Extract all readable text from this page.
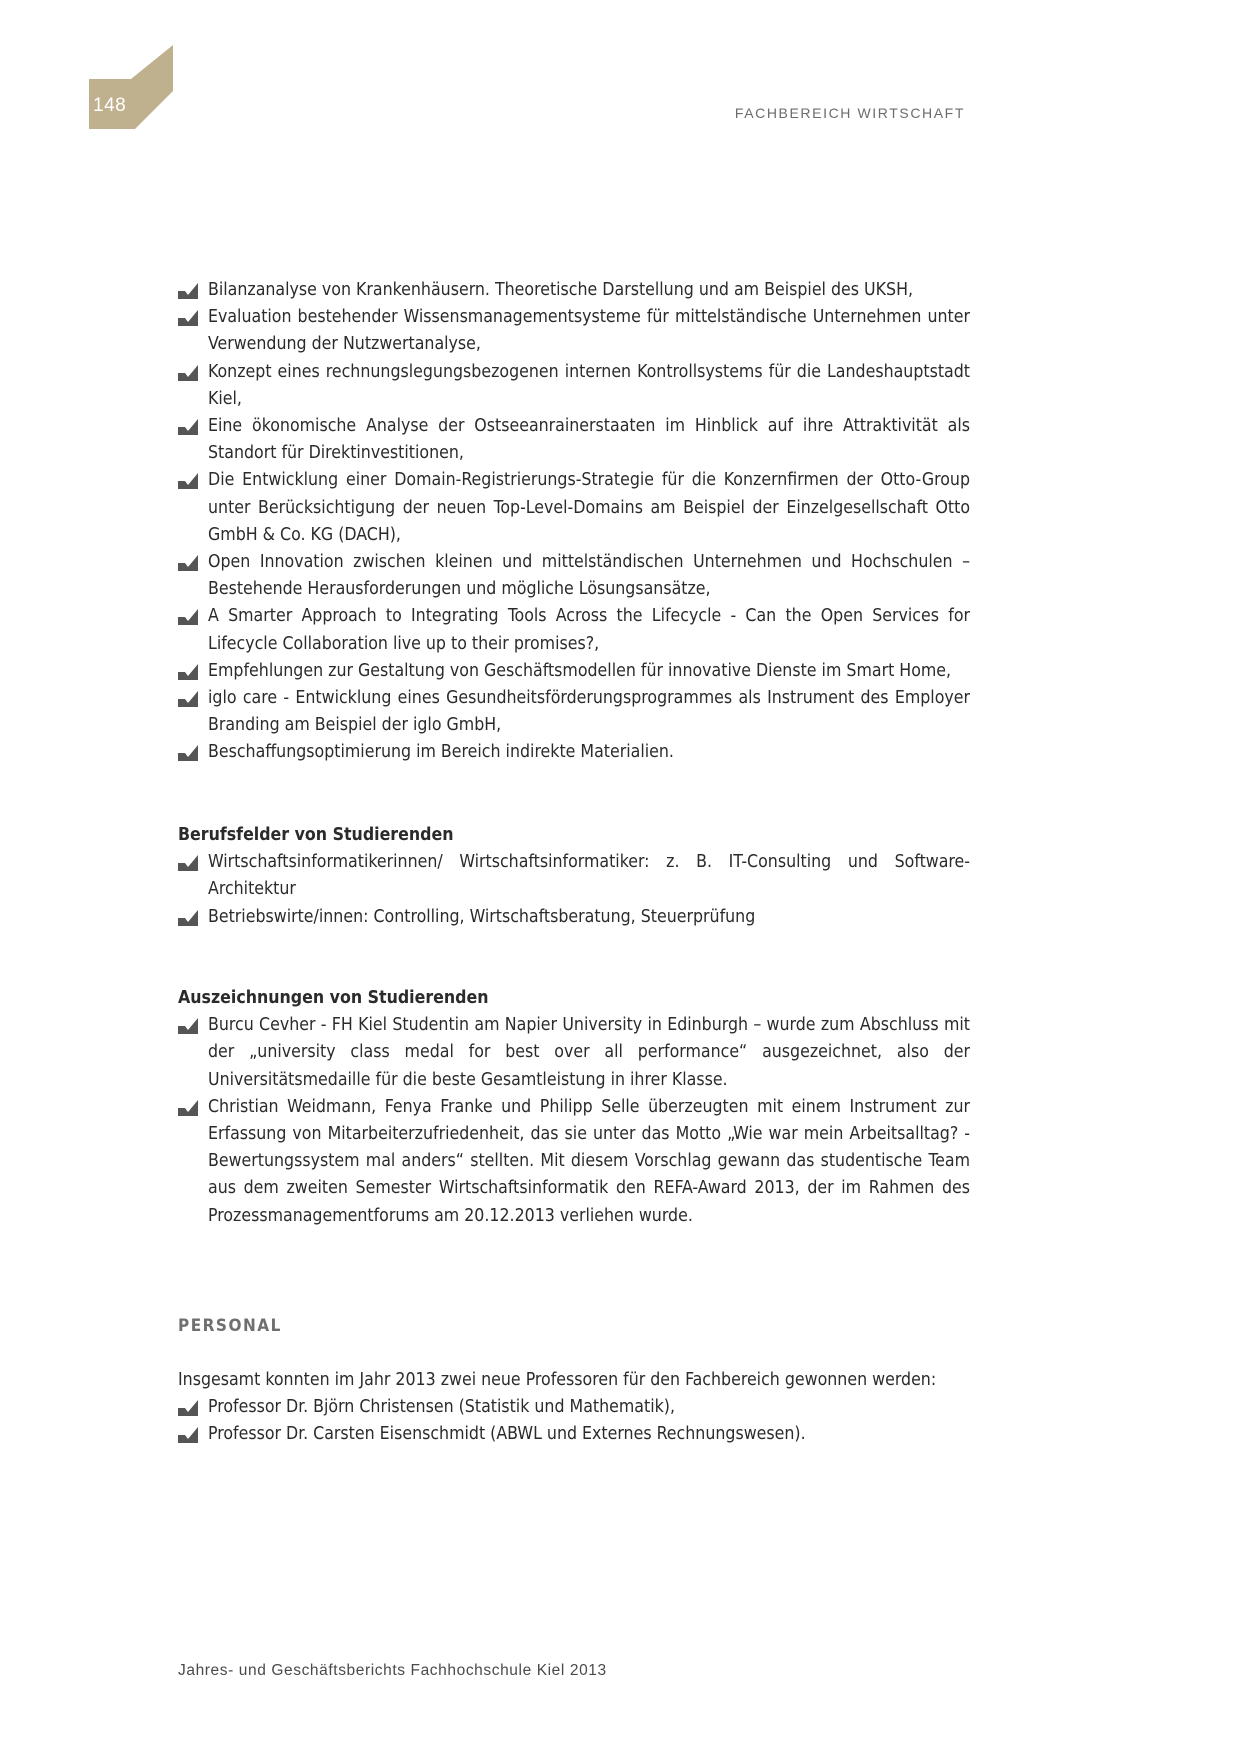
148	FACHBEREICH WIRTSCHAFT
Bilanzanalyse von Krankenhäusern. Theoretische Darstellung und am Beispiel des UKSH,
Evaluation bestehender Wissensmanagementsysteme für mittelständische Unternehmen unter Verwendung der Nutzwertanalyse,
Konzept eines rechnungslegungsbezogenen internen Kontrollsystems für die Landeshauptstadt Kiel,
Eine ökonomische Analyse der Ostseeanrainerstaaten im Hinblick auf ihre Attraktivität als Standort für Direktinvestitionen,
Die Entwicklung einer Domain-Registrierungs-Strategie für die Konzernfirmen der Otto-Group unter Berücksichtigung der neuen Top-Level-Domains am Beispiel der Einzelgesellschaft Otto GmbH & Co. KG (DACH),
Open Innovation zwischen kleinen und mittelständischen Unternehmen und Hochschulen – Bestehende Herausforderungen und mögliche Lösungsansätze,
A Smarter Approach to Integrating Tools Across the Lifecycle - Can the Open Services for Lifecycle Collaboration live up to their promises?,
Empfehlungen zur Gestaltung von Geschäftsmodellen für innovative Dienste im Smart Home,
iglo care - Entwicklung eines Gesundheitsförderungsprogrammes als Instrument des Employer Branding am Beispiel der iglo GmbH,
Beschaffungsoptimierung im Bereich indirekte Materialien.
Berufsfelder von Studierenden
Wirtschaftsinformatikerinnen/ Wirtschaftsinformatiker: z. B. IT-Consulting und Software-Architektur
Betriebswirte/innen: Controlling, Wirtschaftsberatung, Steuerprüfung
Auszeichnungen von Studierenden
Burcu Cevher - FH Kiel Studentin am Napier University in Edinburgh – wurde zum Abschluss mit der „university class medal for best over all performance“ ausgezeichnet, also der Universitätsmedaille für die beste Gesamtleistung in ihrer Klasse.
Christian Weidmann, Fenya Franke und Philipp Selle überzeugten mit einem Instrument zur Erfassung von Mitarbeiterzufriedenheit, das sie unter das Motto „Wie war mein Arbeitsalltag? - Bewertungssystem mal anders“ stellten. Mit diesem Vorschlag gewann das studentische Team aus dem zweiten Semester Wirtschaftsinformatik den REFA-Award 2013, der im Rahmen des Prozessmanagementforums am 20.12.2013 verliehen wurde.
PERSONAL

Insgesamt konnten im Jahr 2013 zwei neue Professoren für den Fachbereich gewonnen werden:

Professor Dr. Björn Christensen (Statistik und Mathematik),
Professor Dr. Carsten Eisenschmidt (ABWL und Externes Rechnungswesen).
Jahres- und Geschäftsberichts Fachhochschule Kiel 2013
